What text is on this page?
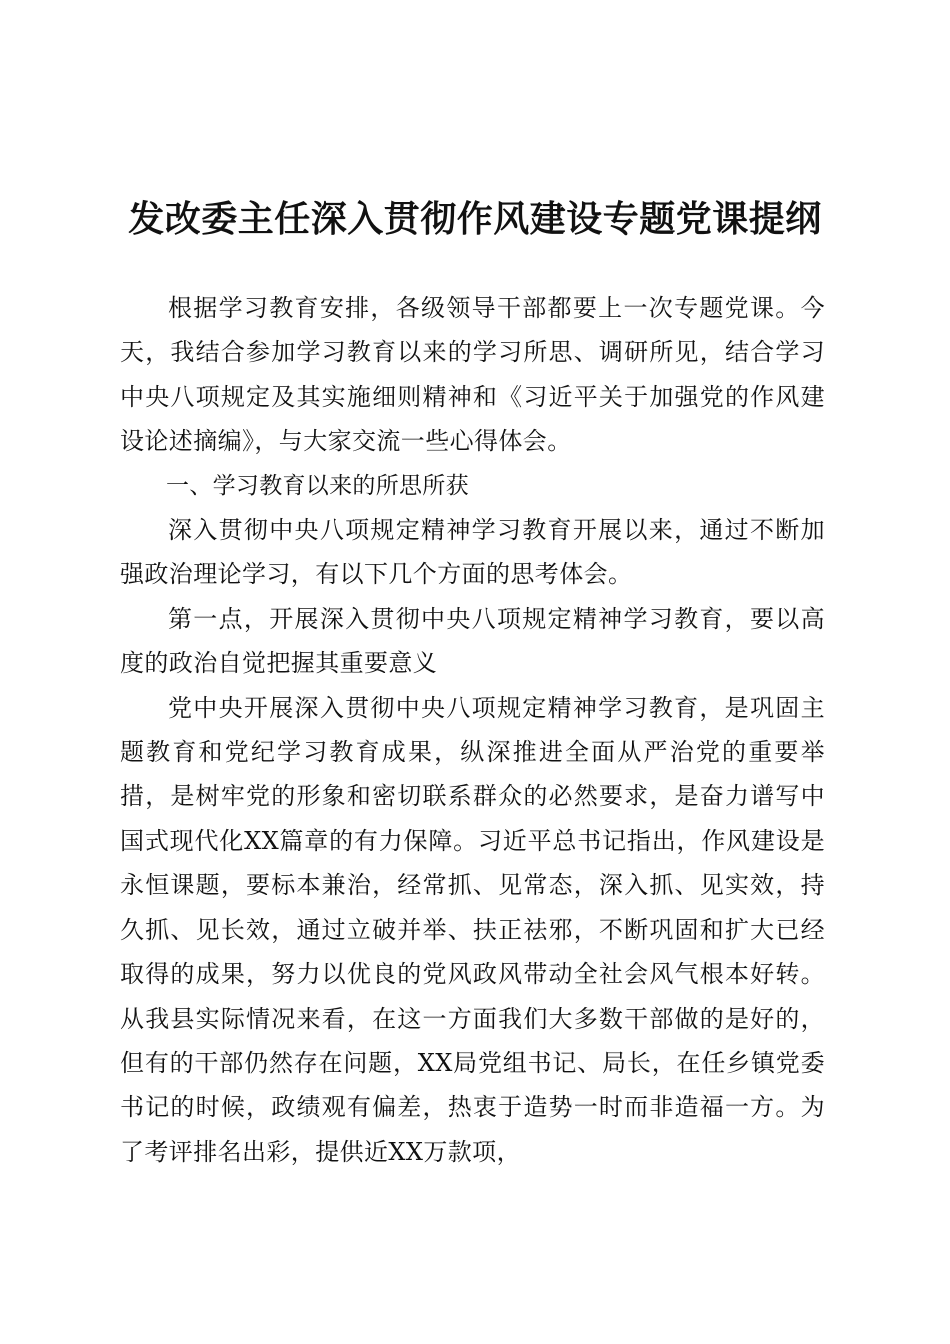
发改委主任深入贯彻作风建设专题党课提纲

根据学习教育安排，各级领导干部都要上一次专题党课。今天，我结合参加学习教育以来的学习所思、调研所见，结合学习中央八项规定及其实施细则精神和《习近平关于加强党的作风建设论述摘编》，与大家交流一些心得体会。

一、学习教育以来的所思所获

深入贯彻中央八项规定精神学习教育开展以来，通过不断加强政治理论学习，有以下几个方面的思考体会。

第一点，开展深入贯彻中央八项规定精神学习教育，要以高度的政治自觉把握其重要意义

党中央开展深入贯彻中央八项规定精神学习教育，是巩固主题教育和党纪学习教育成果，纵深推进全面从严治党的重要举措，是树牢党的形象和密切联系群众的必然要求，是奋力谱写中国式现代化XX篇章的有力保障。习近平总书记指出，作风建设是永恒课题，要标本兼治，经常抓、见常态，深入抓、见实效，持久抓、见长效，通过立破并举、扶正祛邪，不断巩固和扩大已经取得的成果，努力以优良的党风政风带动全社会风气根本好转。从我县实际情况来看，在这一方面我们大多数干部做的是好的，但有的干部仍然存在问题，XX局党组书记、局长，在任乡镇党委书记的时候，政绩观有偏差，热衷于造势一时而非造福一方。为了考评排名出彩，提供近XX万款项，
